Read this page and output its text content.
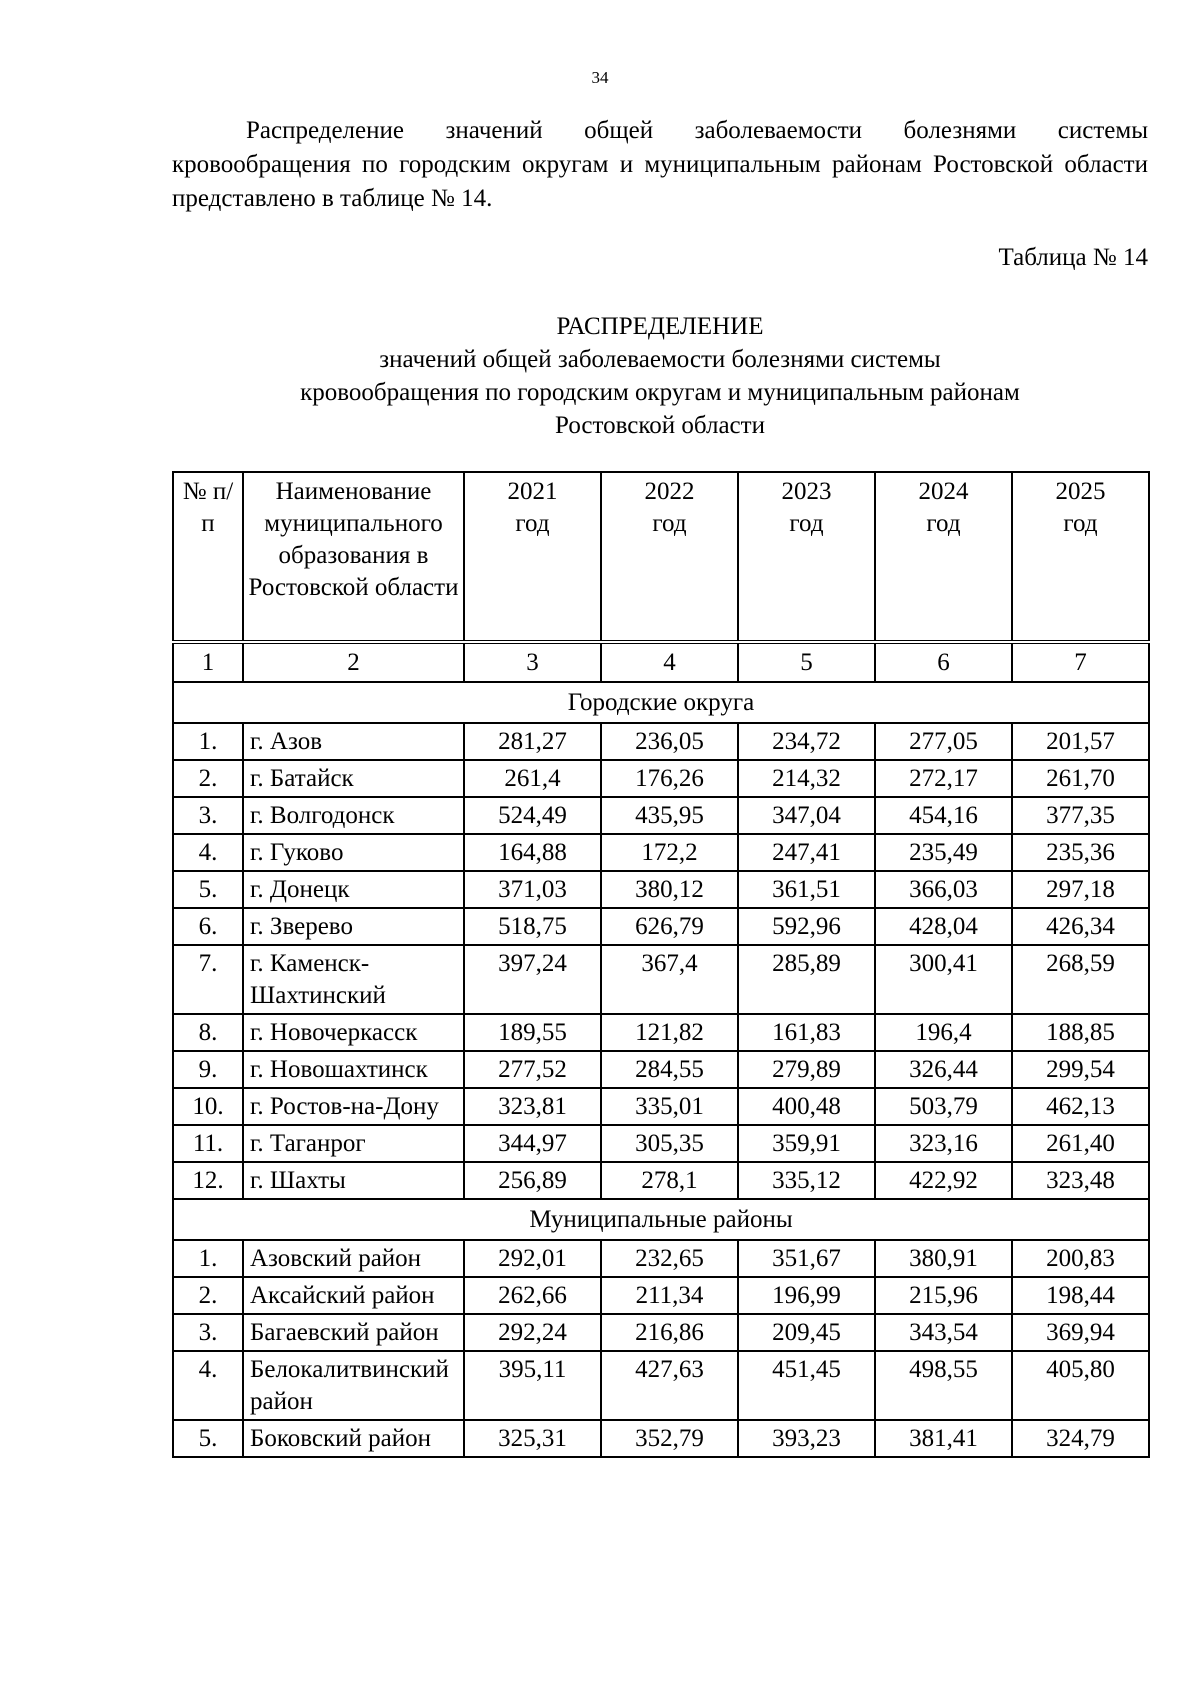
34

Распределение значений общей заболеваемости болезнями системы кровообращения по городским округам и муниципальным районам Ростовской области представлено в таблице № 14.

Таблица № 14
РАСПРЕДЕЛЕНИЕ
значений общей заболеваемости болезнями системы
кровообращения по городским округам и муниципальным районам
Ростовской области
№ п/п	Наименование муниципального образования в Ростовской области	2021 год	2022 год	2023 год	2024 год	2025 год
1	2	3	4	5	6	7
Городские округа						
1.	г. Азов	281,27	236,05	234,72	277,05	201,57
2.	г. Батайск	261,4	176,26	214,32	272,17	261,70
3.	г. Волгодонск	524,49	435,95	347,04	454,16	377,35
4.	г. Гуково	164,88	172,2	247,41	235,49	235,36
5.	г. Донецк	371,03	380,12	361,51	366,03	297,18
6.	г. Зверево	518,75	626,79	592,96	428,04	426,34
7.	г. Каменск-Шахтинский	397,24	367,4	285,89	300,41	268,59
8.	г. Новочеркасск	189,55	121,82	161,83	196,4	188,85
9.	г. Новошахтинск	277,52	284,55	279,89	326,44	299,54
10.	г. Ростов-на-Дону	323,81	335,01	400,48	503,79	462,13
11.	г. Таганрог	344,97	305,35	359,91	323,16	261,40
12.	г. Шахты	256,89	278,1	335,12	422,92	323,48
Муниципальные районы						
1.	Азовский район	292,01	232,65	351,67	380,91	200,83
2.	Аксайский район	262,66	211,34	196,99	215,96	198,44
3.	Багаевский район	292,24	216,86	209,45	343,54	369,94
4.	Белокалитвинский район	395,11	427,63	451,45	498,55	405,80
5.	Боковский район	325,31	352,79	393,23	381,41	324,79
